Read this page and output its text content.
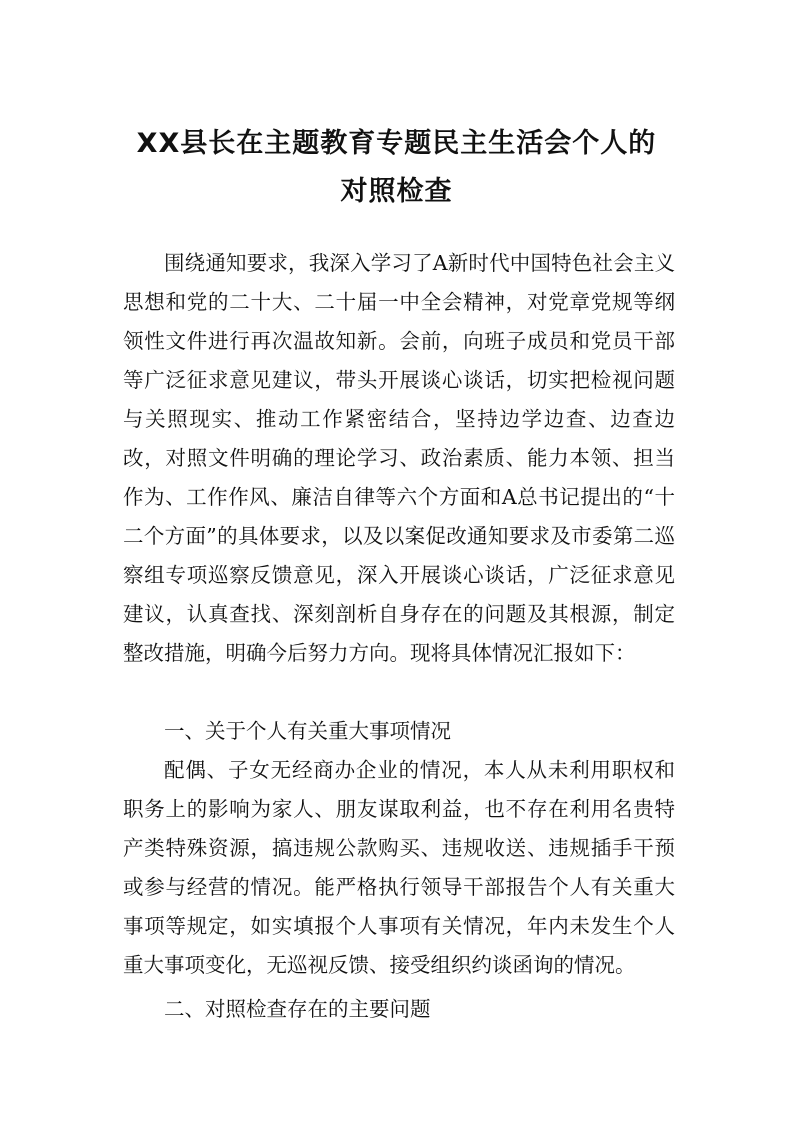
XX县长在主题教育专题民主生活会个人的
对照检查
围绕通知要求，我深入学习了A新时代中国特色社会主义思想和党的二十大、二十届一中全会精神，对党章党规等纲领性文件进行再次温故知新。会前，向班子成员和党员干部等广泛征求意见建议，带头开展谈心谈话，切实把检视问题与关照现实、推动工作紧密结合，坚持边学边查、边查边改，对照文件明确的理论学习、政治素质、能力本领、担当作为、工作作风、廉洁自律等六个方面和A总书记提出的“十二个方面”的具体要求，以及以案促改通知要求及市委第二巡察组专项巡察反馈意见，深入开展谈心谈话，广泛征求意见建议，认真查找、深刻剖析自身存在的问题及其根源，制定整改措施，明确今后努力方向。现将具体情况汇报如下：
一、关于个人有关重大事项情况
配偶、子女无经商办企业的情况，本人从未利用职权和职务上的影响为家人、朋友谋取利益，也不存在利用名贵特产类特殊资源，搞违规公款购买、违规收送、违规插手干预或参与经营的情况。能严格执行领导干部报告个人有关重大事项等规定，如实填报个人事项有关情况，年内未发生个人重大事项变化，无巡视反馈、接受组织约谈函询的情况。
二、对照检查存在的主要问题
